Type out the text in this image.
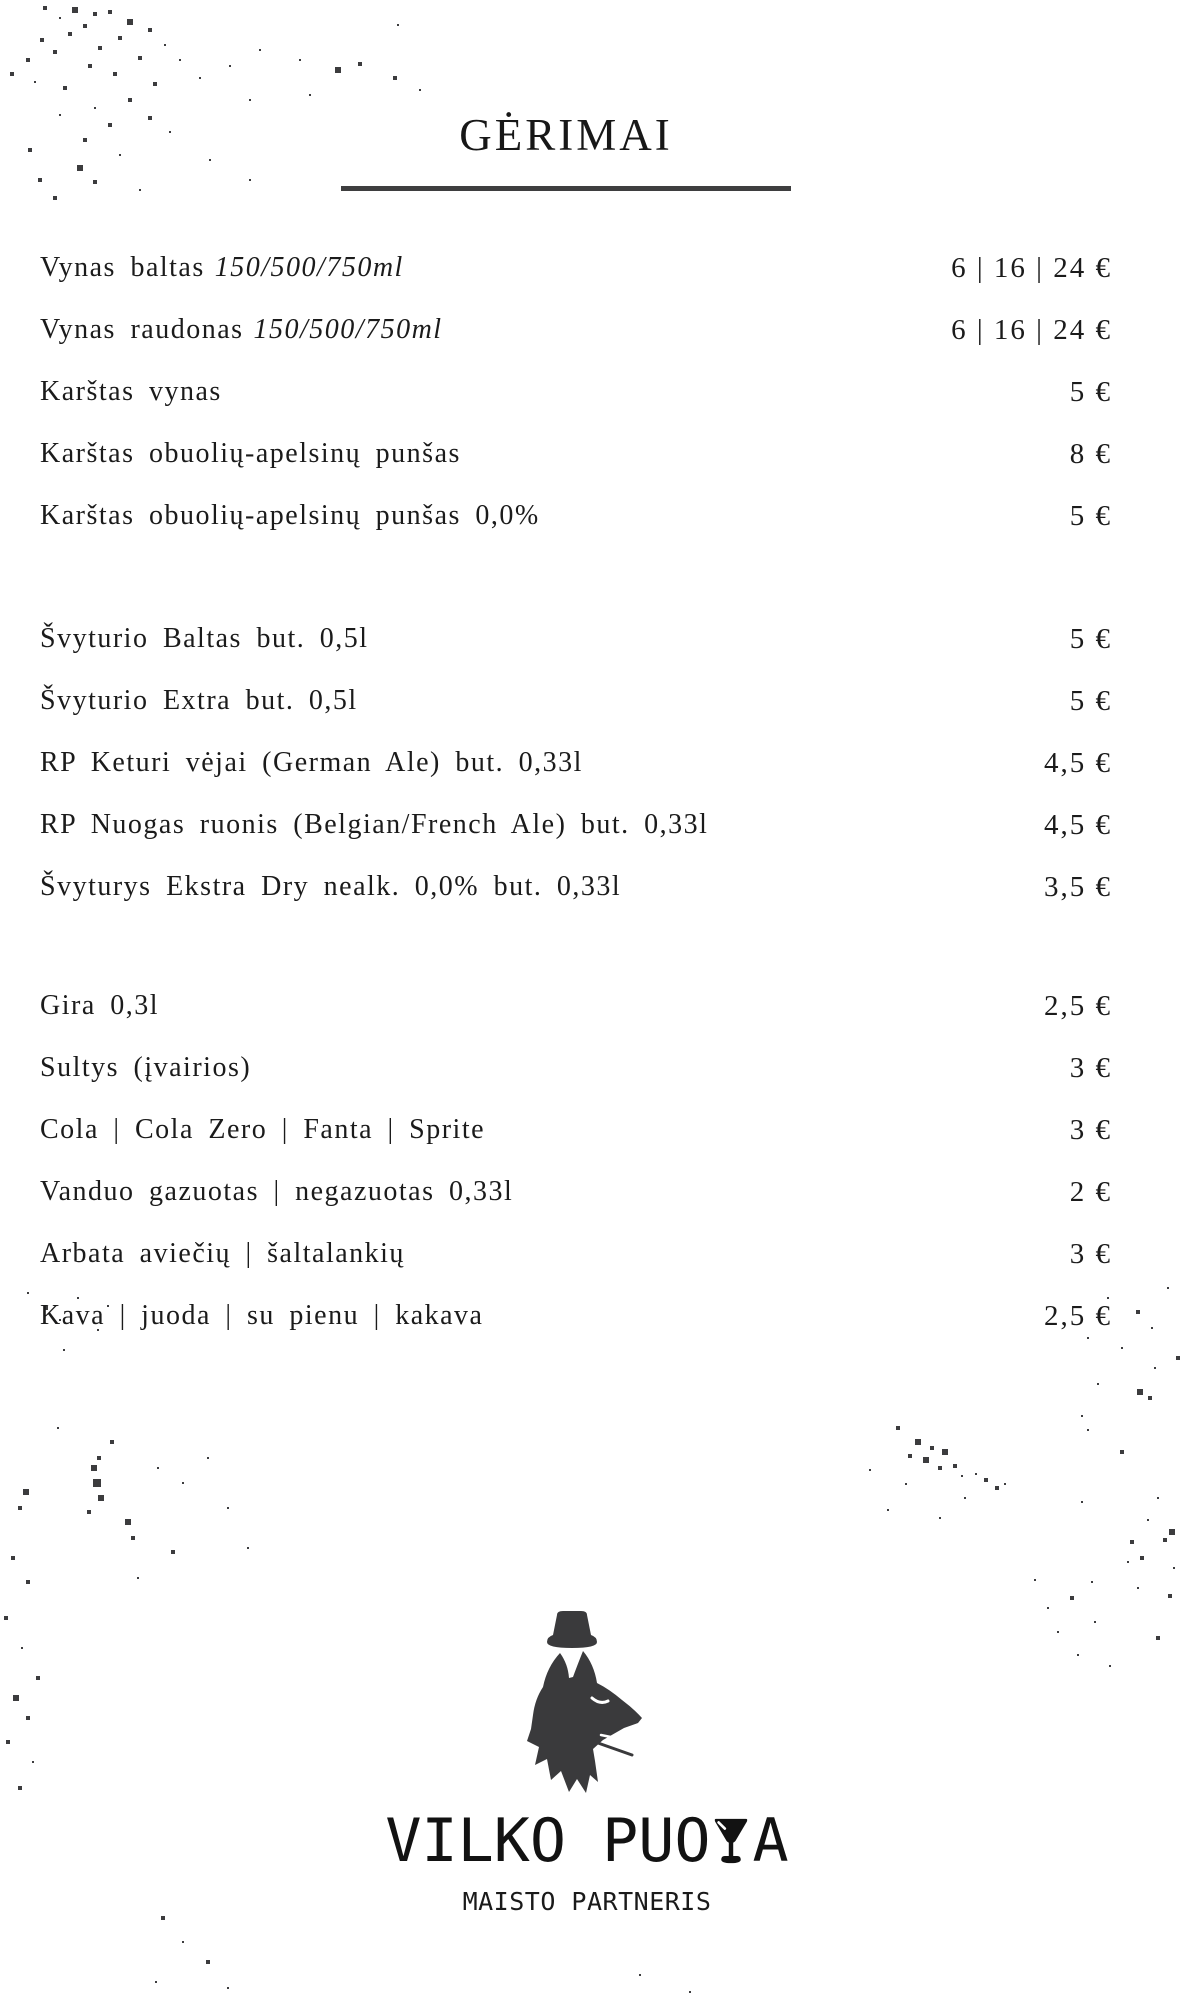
GĖRIMAI
Vynas baltas 150/500/750ml	6 | 16 | 24 €
Vynas raudonas 150/500/750ml	6 | 16 | 24 €
Karštas vynas	5 €
Karštas obuolių-apelsinų punšas	8 €
Karštas obuolių-apelsinų punšas 0,0%	5 €
Švyturio Baltas but. 0,5l	5 €
Švyturio Extra but. 0,5l	5 €
RP Keturi vėjai (German Ale) but. 0,33l	4,5 €
RP Nuogas ruonis (Belgian/French Ale) but. 0,33l	4,5 €
Švyturys Ekstra Dry nealk. 0,0% but. 0,33l	3,5 €
Gira 0,3l	2,5 €
Sultys (įvairios)	3 €
Cola | Cola Zero | Fanta | Sprite	3 €
Vanduo gazuotas | negazuotas 0,33l	2 €
Arbata aviečių | šaltalankių	3 €
Kava | juoda | su pienu | kakava	2,5 €
VILKO PUO A
MAISTO PARTNERIS
